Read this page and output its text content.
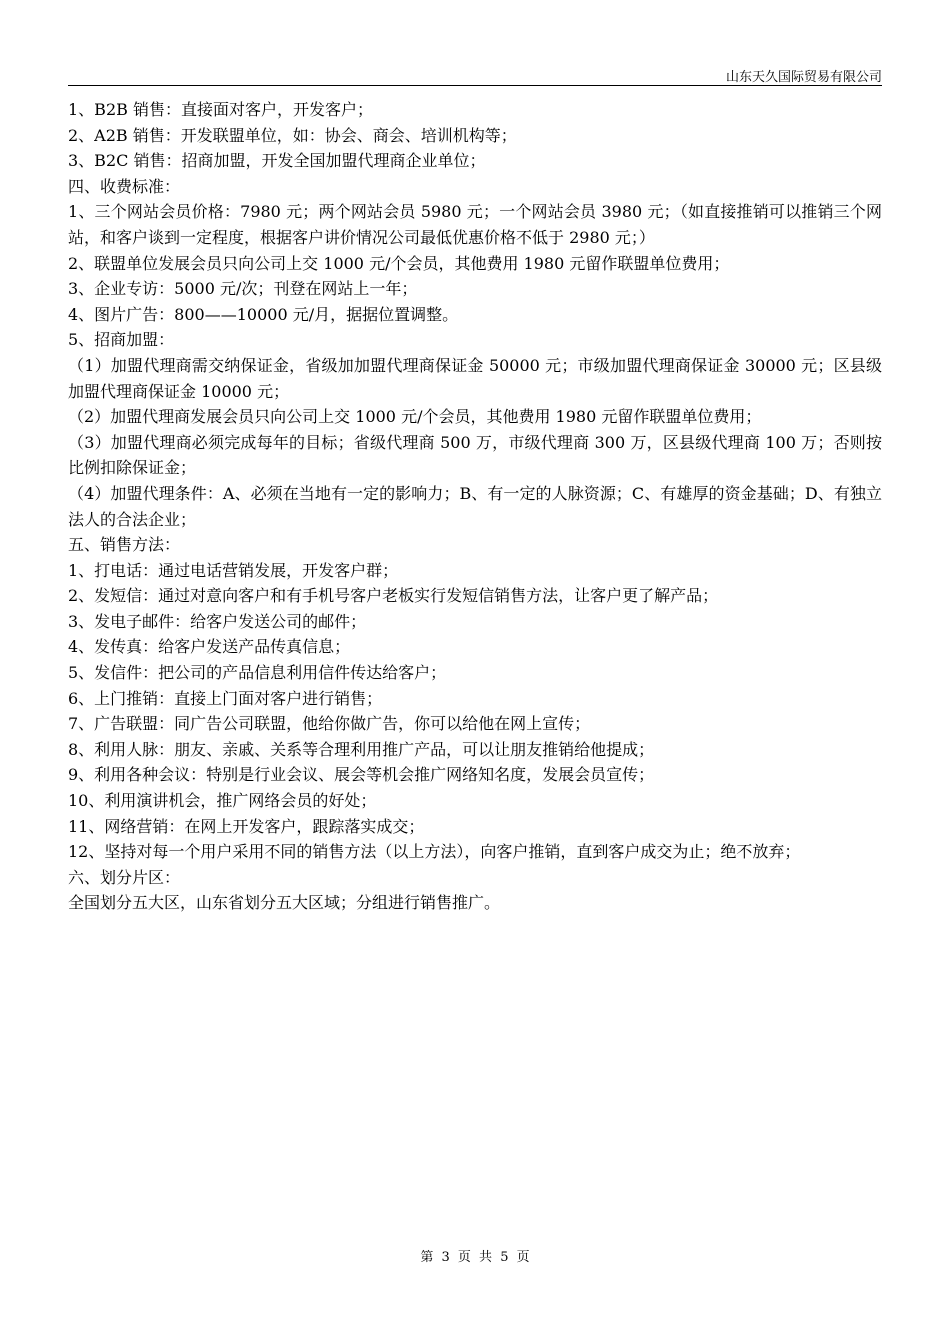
山东天久国际贸易有限公司

1、B2B 销售：直接面对客户，开发客户；

2、A2B 销售：开发联盟单位，如：协会、商会、培训机构等；

3、B2C 销售：招商加盟，开发全国加盟代理商企业单位；

四、收费标准：

1、三个网站会员价格：7980 元；两个网站会员 5980 元；一个网站会员 3980 元；（如直接推销可以推销三个网站，和客户谈到一定程度，根据客户讲价情况公司最低优惠价格不低于 2980 元；）

2、联盟单位发展会员只向公司上交 1000 元/个会员，其他费用 1980 元留作联盟单位费用；

3、企业专访：5000 元/次；刊登在网站上一年；

4、图片广告：800——10000 元/月，据据位置调整。

5、招商加盟：

（1）加盟代理商需交纳保证金，省级加加盟代理商保证金 50000 元；市级加盟代理商保证金 30000 元；区县级加盟代理商保证金 10000 元；

（2）加盟代理商发展会员只向公司上交 1000 元/个会员，其他费用 1980 元留作联盟单位费用；

（3）加盟代理商必须完成每年的目标；省级代理商 500 万，市级代理商 300 万，区县级代理商 100 万；否则按比例扣除保证金；

（4）加盟代理条件：A、必须在当地有一定的影响力；B、有一定的人脉资源；C、有雄厚的资金基础；D、有独立法人的合法企业；

五、销售方法：

1、打电话：通过电话营销发展，开发客户群；

2、发短信：通过对意向客户和有手机号客户老板实行发短信销售方法，让客户更了解产品；

3、发电子邮件：给客户发送公司的邮件；

4、发传真：给客户发送产品传真信息；

5、发信件：把公司的产品信息利用信件传达给客户；

6、上门推销：直接上门面对客户进行销售；

7、广告联盟：同广告公司联盟，他给你做广告，你可以给他在网上宣传；

8、利用人脉：朋友、亲戚、关系等合理利用推广产品，可以让朋友推销给他提成；

9、利用各种会议：特别是行业会议、展会等机会推广网络知名度，发展会员宣传；

10、利用演讲机会，推广网络会员的好处；

11、网络营销：在网上开发客户，跟踪落实成交；

12、坚持对每一个用户采用不同的销售方法（以上方法），向客户推销，直到客户成交为止；绝不放弃；

六、划分片区：

全国划分五大区，山东省划分五大区域；分组进行销售推广。

第 3 页 共 5 页
